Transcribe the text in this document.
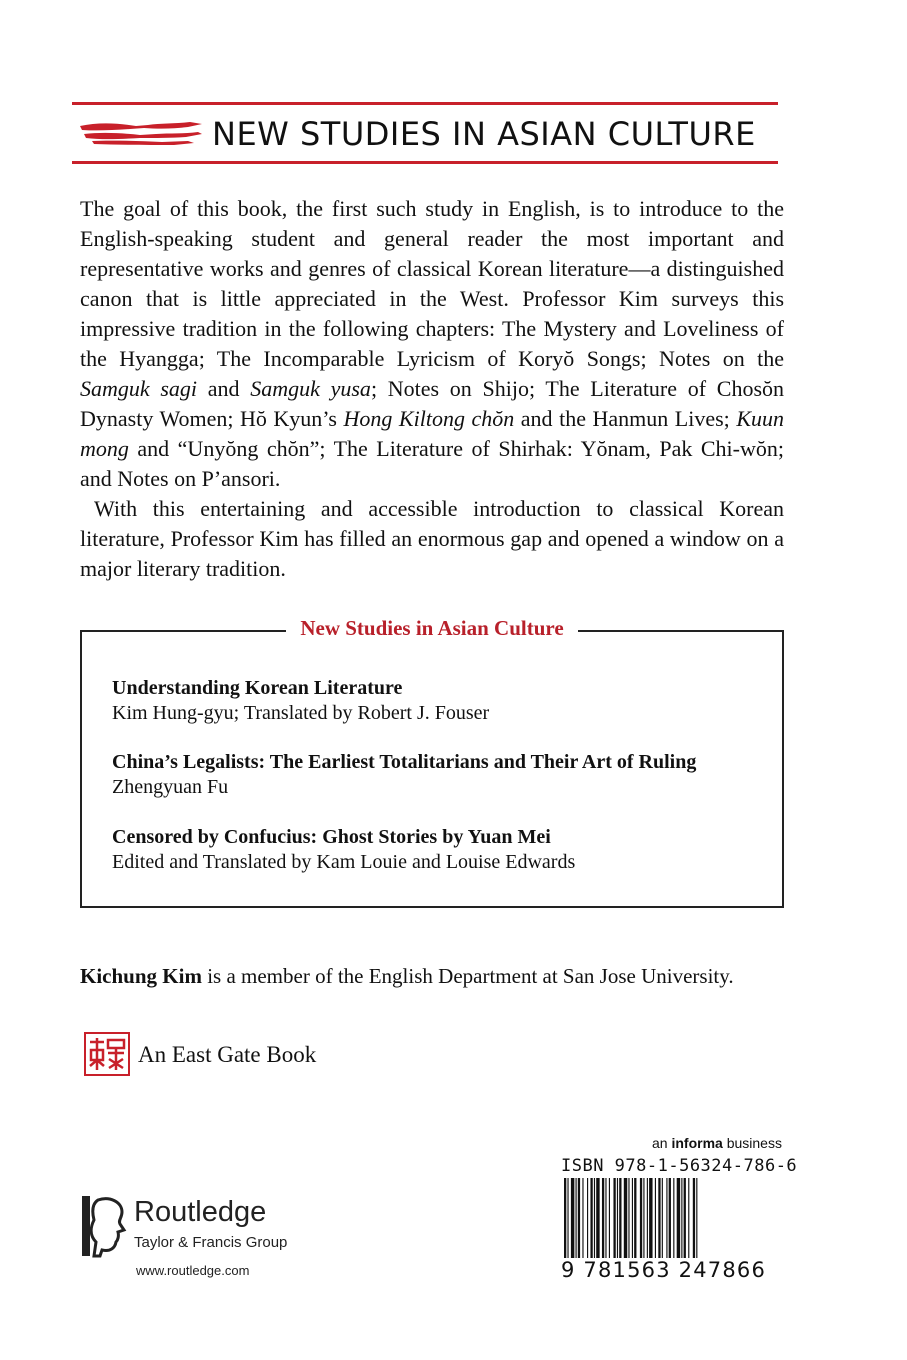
NEW STUDIES IN ASIAN CULTURE

The goal of this book, the first such study in English, is to introduce to the English-speaking student and general reader the most important and representative works and genres of classical Korean literature—a distinguished canon that is little appreciated in the West. Professor Kim surveys this impressive tradition in the following chapters: The Mystery and Loveliness of the Hyangga; The Incomparable Lyricism of Koryŏ Songs; Notes on the Samguk sagi and Samguk yusa; Notes on Shijo; The Literature of Chosŏn Dynasty Women; Hŏ Kyun’s Hong Kiltong chŏn and the Hanmun Lives; Kuun mong and “Unyŏng chŏn”; The Literature of Shirhak: Yŏnam, Pak Chi-wŏn; and Notes on P’ansori.

With this entertaining and accessible introduction to classical Korean literature, Professor Kim has filled an enormous gap and opened a window on a major literary tradition.

New Studies in Asian Culture
Understanding Korean Literature
Kim Hung-gyu; Translated by Robert J. Fouser
China’s Legalists: The Earliest Totalitarians and Their Art of Ruling
Zhengyuan Fu
Censored by Confucius: Ghost Stories by Yuan Mei
Edited and Translated by Kam Louie and Louise Edwards
Kichung Kim is a member of the English Department at San Jose University.
An East Gate Book
Routledge
Taylor & Francis Group
www.routledge.com
an informa business
ISBN 978-1-56324-786-6
9 781563 247866
